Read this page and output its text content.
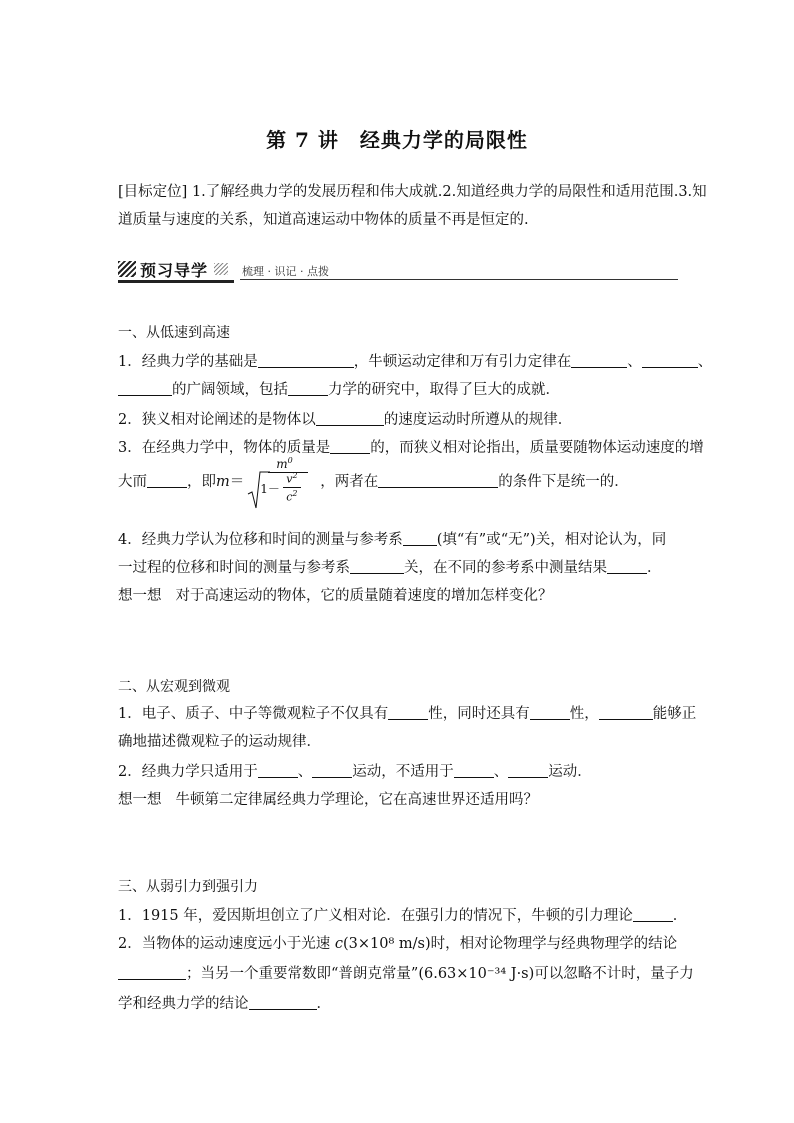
第 7 讲　经典力学的局限性
[目标定位] 1.了解经典力学的发展历程和伟大成就.2.知道经典力学的局限性和适用范围.3.知
道质量与速度的关系，知道高速运动中物体的质量不再是恒定的.
预习导学	梳理 · 识记 · 点拨
一、从低速到高速
1．经典力学的基础是	，牛顿运动定律和万有引力定律在	、	、
的广阔领域，包括	力学的研究中，取得了巨大的成就．
2．狭义相对论阐述的是物体以	的速度运动时所遵从的规律．
3．在经典力学中，物体的质量是	的，而狭义相对论指出，质量要随物体运动速度的增
大而	，即m＝
$m^0$
1－
$v^2$
$c^2$
，两者在	的条件下是统一的．
4．经典力学认为位移和时间的测量与参考系 (填“有”或“无”)关，相对论认为，同
一过程的位移和时间的测量与参考系	关，在不同的参考系中测量结果	．
想一想 对于高速运动的物体，它的质量随着速度的增加怎样变化？
二、从宏观到微观
1．电子、质子、中子等微观粒子不仅具有	性，同时还具有	性，	能够正
确地描述微观粒子的运动规律．
2．经典力学只适用于	、	运动，不适用于	、	运动．
想一想 牛顿第二定律属经典力学理论，它在高速世界还适用吗？
三、从弱引力到强引力
1．1915 年，爱因斯坦创立了广义相对论．在强引力的情况下，牛顿的引力理论	．
2．当物体的运动速度远小于光速 c(3×10⁸ m/s)时，相对论物理学与经典物理学的结论
；当另一个重要常数即“普朗克常量”(6.63×10⁻³⁴ J·s)可以忽略不计时，量子力
学和经典力学的结论	．
